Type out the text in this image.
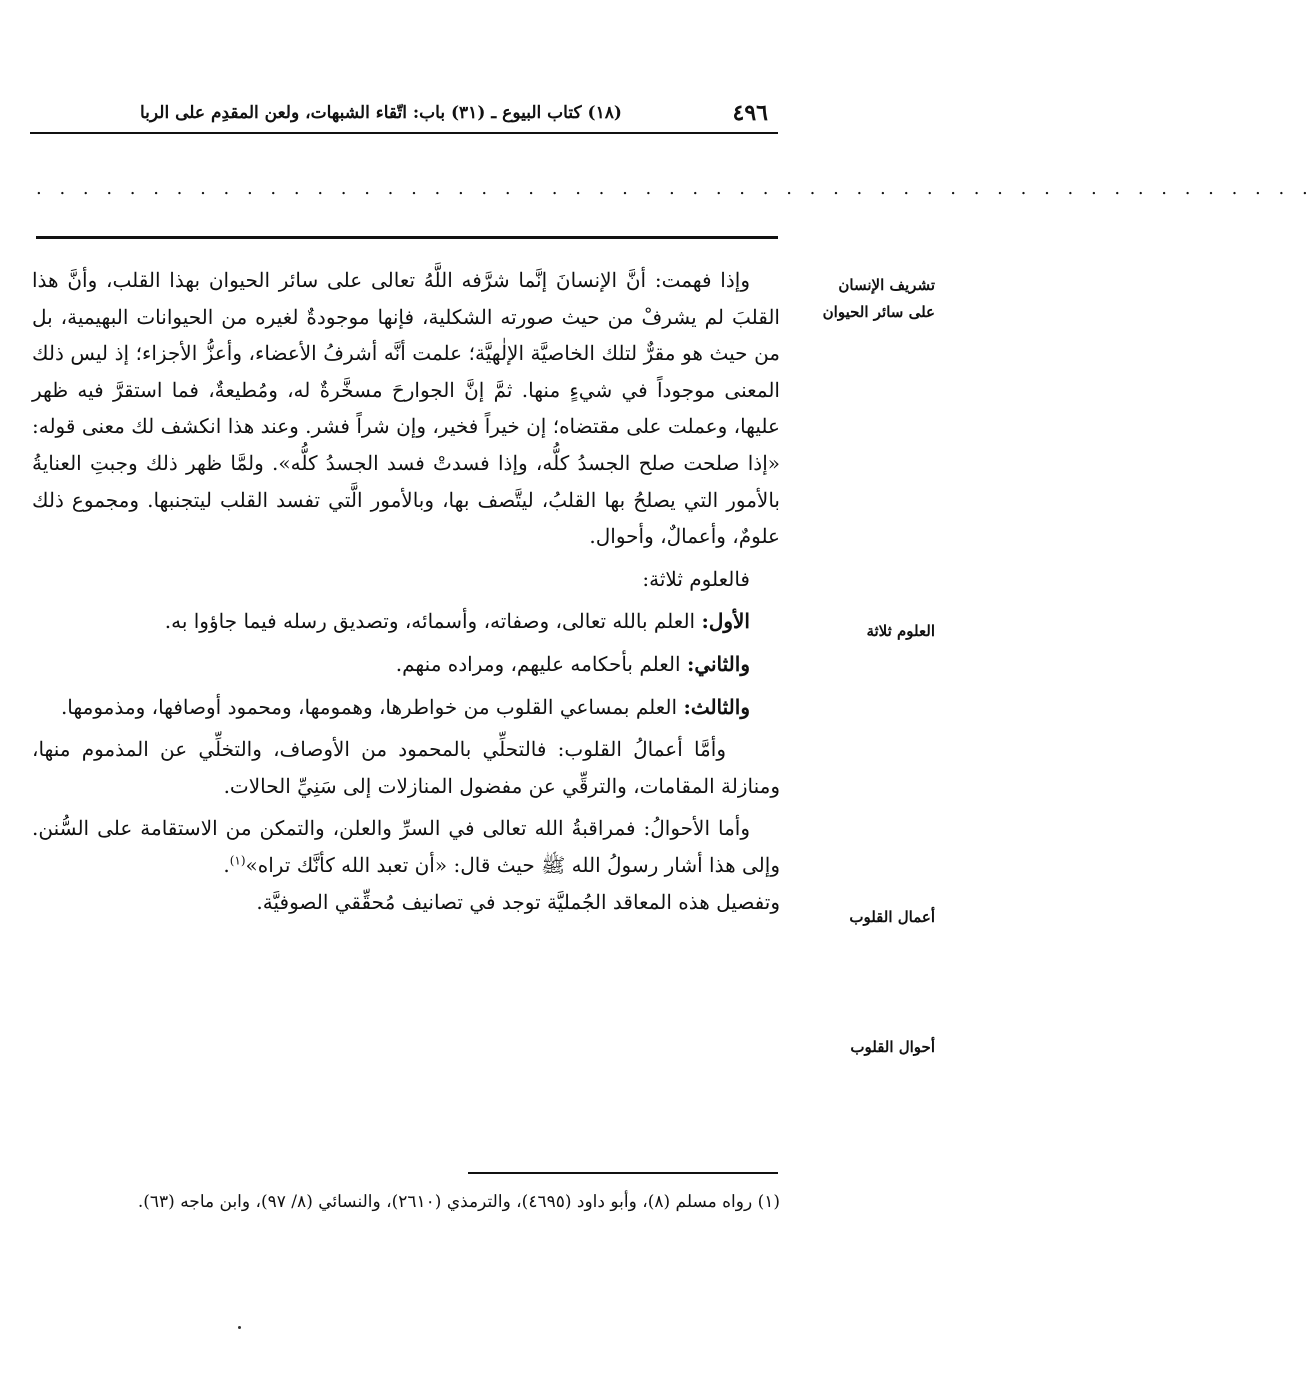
٤٩٦
(١٨) كتاب البيوع ـ (٣١) باب: اتّقاء الشبهات، ولعن المقدِم على الربا
. . . . . . . . . . . . . . . . . . . . . . . . . . . . . . . . . . . . . . . . . . . . . . . . . . . . . . .
تشريف الإنسان على سائر الحيوان
العلوم ثلاثة
أعمال القلوب
أحوال القلوب

وإذا فهمت: أنَّ الإنسانَ إنَّما شرَّفه اللَّهُ تعالى على سائر الحيوان بهذا القلب، وأنَّ هذا القلبَ لم يشرفْ من حيث صورته الشكلية، فإنها موجودةٌ لغيره من الحيوانات البهيمية، بل من حيث هو مقرٌّ لتلك الخاصيَّة الإلٰهيَّة؛ علمت أنَّه أشرفُ الأعضاء، وأعزُّ الأجزاء؛ إذ ليس ذلك المعنى موجوداً في شيءٍ منها. ثمَّ إنَّ الجوارحَ مسخَّرةٌ له، ومُطيعةٌ، فما استقرَّ فيه ظهر عليها، وعملت على مقتضاه؛ إن خيراً فخير، وإن شراً فشر. وعند هذا انكشف لك معنى قوله: «إذا صلحت صلح الجسدُ كلُّه، وإذا فسدتْ فسد الجسدُ كلُّه». ولمَّا ظهر ذلك وجبتِ العنايةُ بالأمور التي يصلحُ بها القلبُ، ليتَّصف بها، وبالأمور الَّتي تفسد القلب ليتجنبها. ومجموع ذلك علومٌ، وأعمالٌ، وأحوال.

فالعلوم ثلاثة:

الأول: العلم بالله تعالى، وصفاته، وأسمائه، وتصديق رسله فيما جاؤوا به.

والثاني: العلم بأحكامه عليهم، ومراده منهم.

والثالث: العلم بمساعي القلوب من خواطرها، وهمومها، ومحمود أوصافها، ومذمومها.

وأمَّا أعمالُ القلوب: فالتحلِّي بالمحمود من الأوصاف، والتخلِّي عن المذموم منها، ومنازلة المقامات، والترقِّي عن مفضول المنازلات إلى سَنِيِّ الحالات.

وأما الأحوالُ: فمراقبةُ الله تعالى في السرِّ والعلن، والتمكن من الاستقامة على السُّنن. وإلى هذا أشار رسولُ الله ﷺ حيث قال: «أن تعبد الله كأنَّك تراه»$^{(١)}$.

وتفصيل هذه المعاقد الجُمليَّة توجد في تصانيف مُحقِّقي الصوفيَّة.

(١) رواه مسلم (٨)، وأبو داود (٤٦٩٥)، والترمذي (٢٦١٠)، والنسائي (٨/ ٩٧)، وابن ماجه (٦٣).
